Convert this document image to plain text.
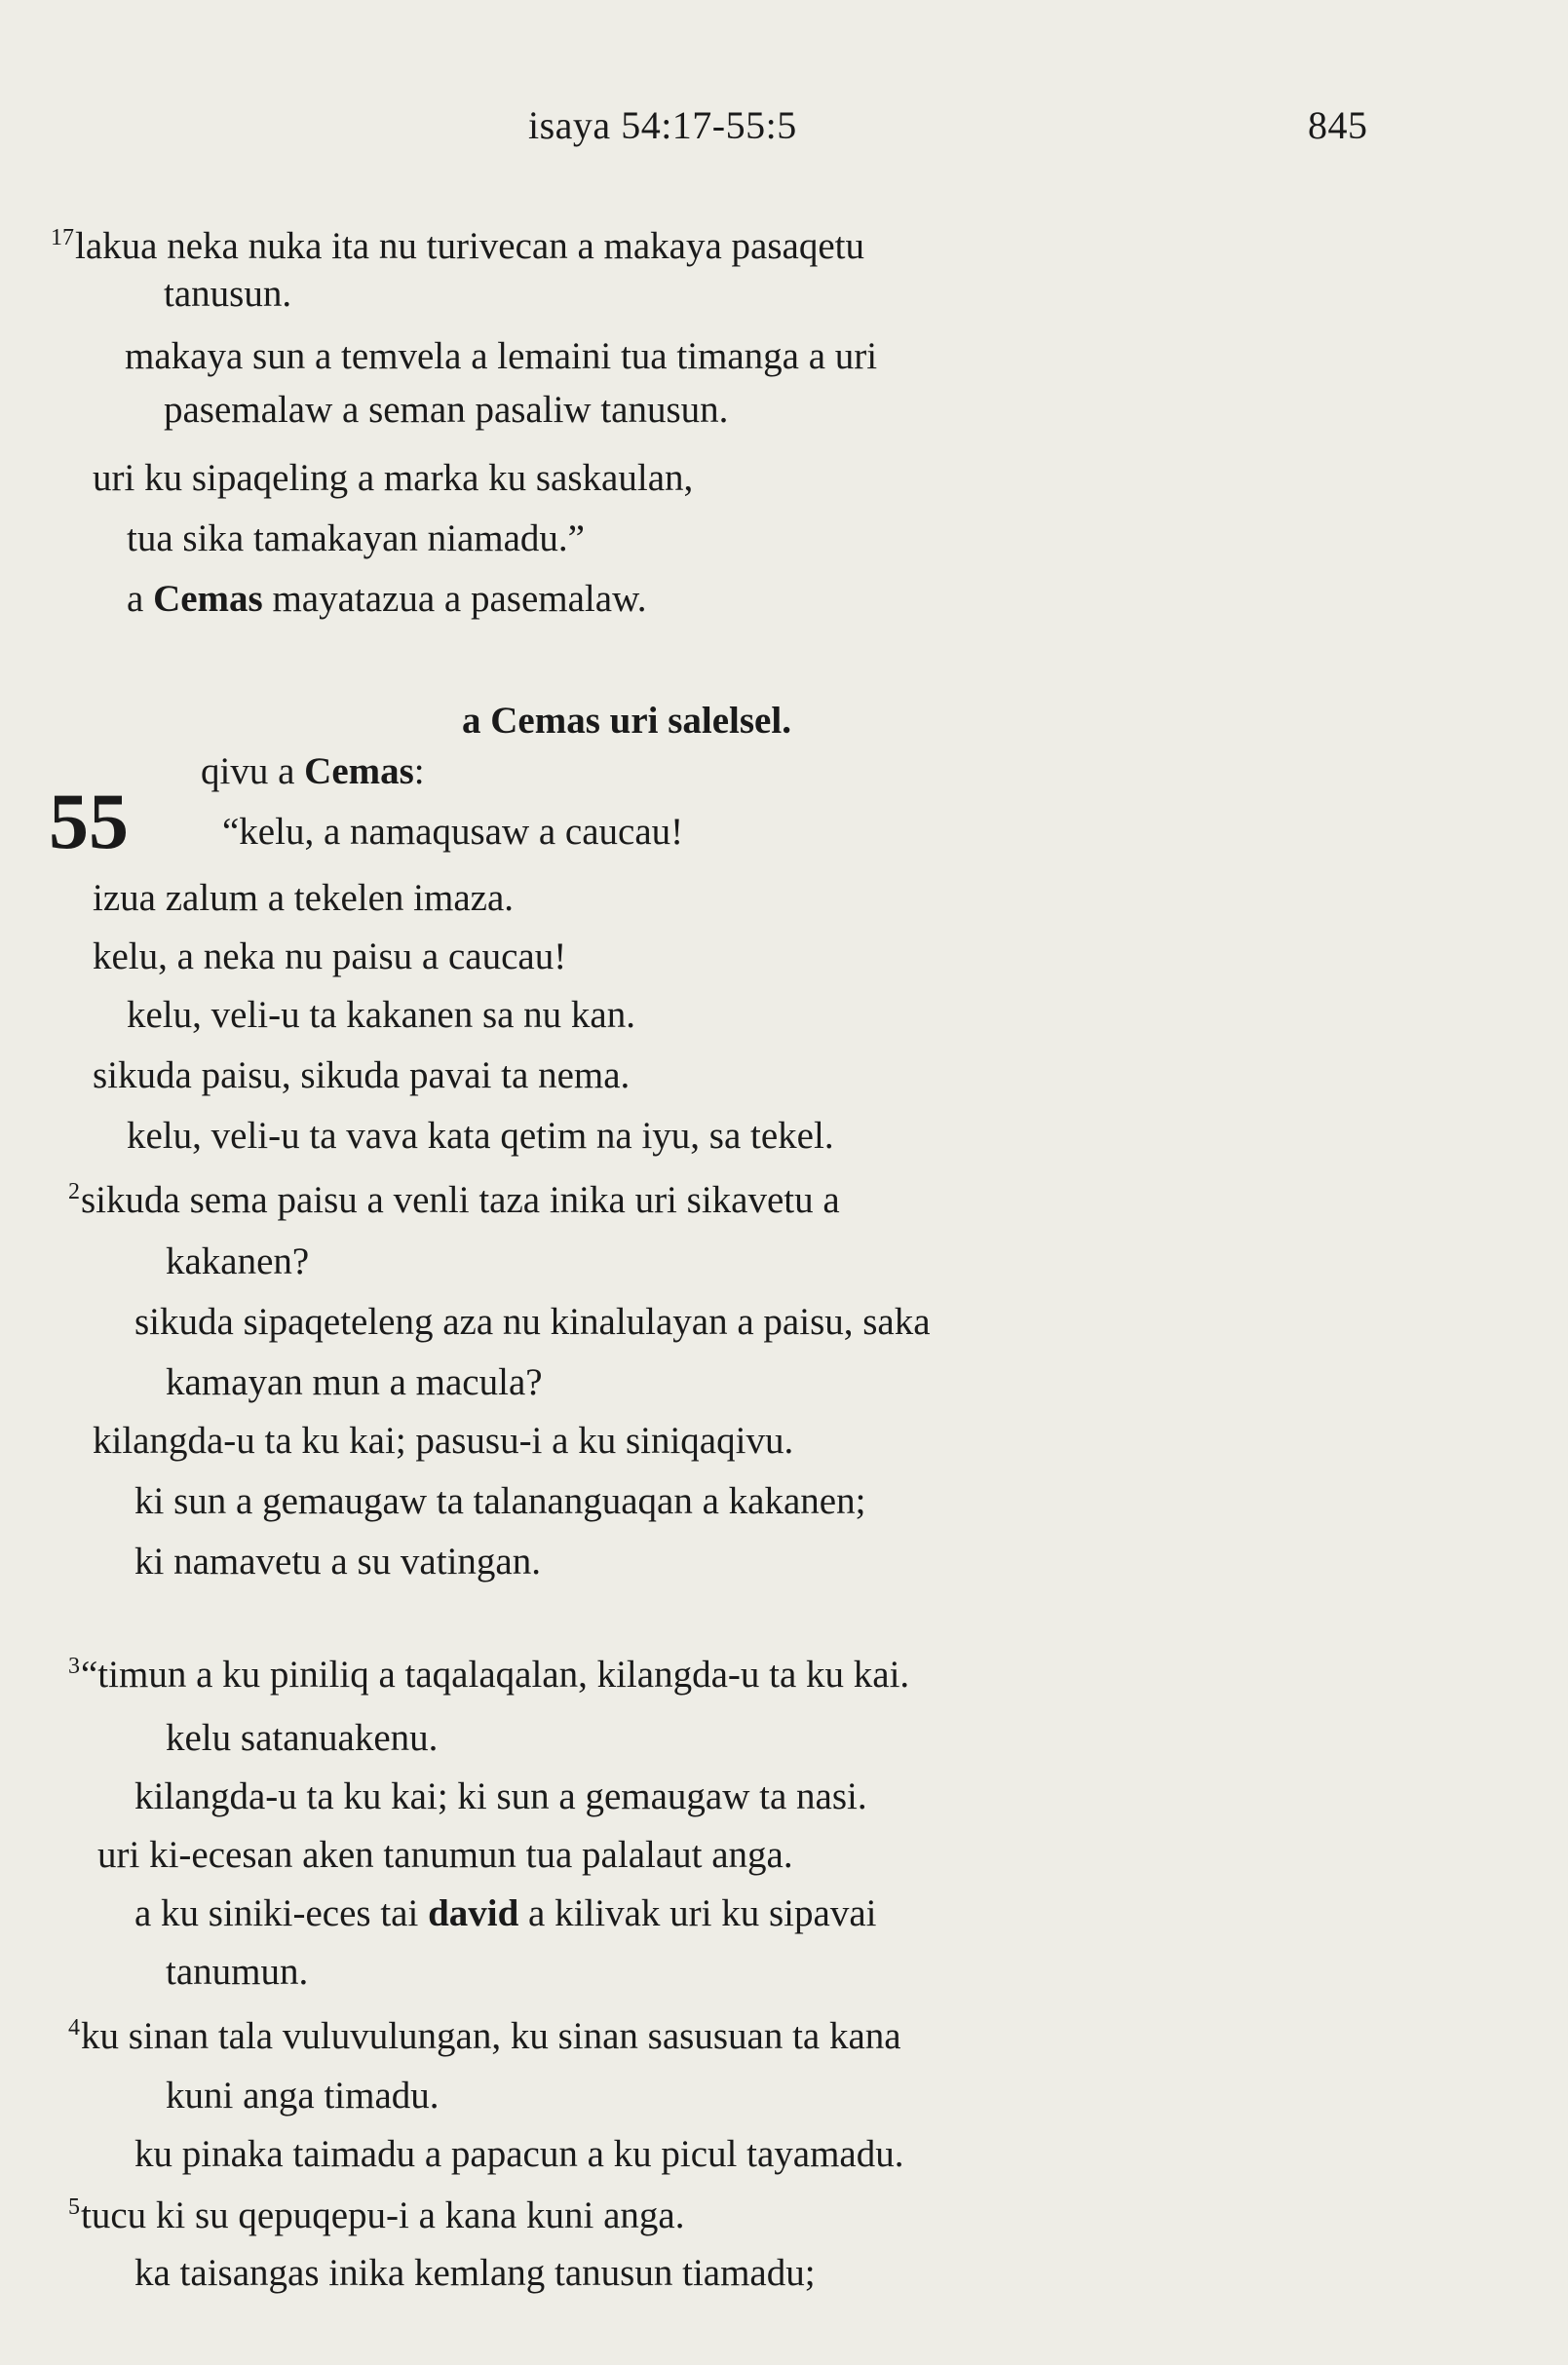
isaya 54:17-55:5	845
a Cemas uri salelsel.
55
$^{17}$lakua neka nuka ita nu turivecan a makaya pasaqetu
tanusun.
makaya sun a temvela a lemaini tua timanga a uri
pasemalaw a seman pasaliw tanusun.
uri ku sipaqeling a marka ku saskaulan,
tua sika tamakayan niamadu.”
a Cemas mayatazua a pasemalaw.
qivu a Cemas:
“kelu, a namaqusaw a caucau!
izua zalum a tekelen imaza.
kelu, a neka nu paisu a caucau!
kelu, veli-u ta kakanen sa nu kan.
sikuda paisu, sikuda pavai ta nema.
kelu, veli-u ta vava kata qetim na iyu, sa tekel.
$^2$sikuda sema paisu a venli taza inika uri sikavetu a
kakanen?
sikuda sipaqeteleng aza nu kinalulayan a paisu, saka
kamayan mun a macula?
kilangda-u ta ku kai; pasusu-i a ku siniqaqivu.
ki sun a gemaugaw ta talananguaqan a kakanen;
ki namavetu a su vatingan.
$^3$“timun a ku piniliq a taqalaqalan, kilangda-u ta ku kai.
kelu satanuakenu.
kilangda-u ta ku kai; ki sun a gemaugaw ta nasi.
uri ki-ecesan aken tanumun tua palalaut anga.
a ku siniki-eces tai david a kilivak uri ku sipavai
tanumun.
$^4$ku sinan tala vuluvulungan, ku sinan sasusuan ta kana
kuni anga timadu.
ku pinaka taimadu a papacun a ku picul tayamadu.
$^5$tucu ki su qepuqepu-i a kana kuni anga.
ka taisangas inika kemlang tanusun tiamadu;
